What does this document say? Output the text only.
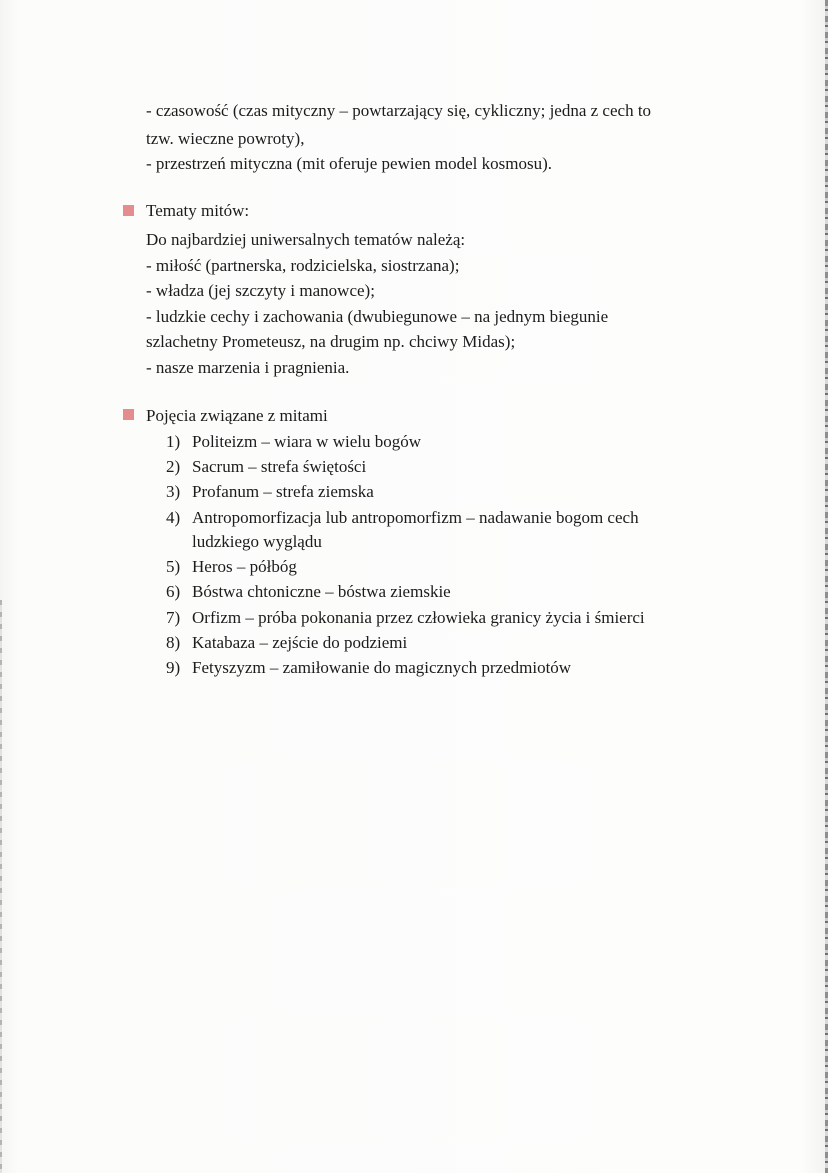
- czasowość (czas mityczny – powtarzający się, cykliczny; jedna z cech to
tzw. wieczne powroty),
- przestrzeń mityczna (mit oferuje pewien model kosmosu).
Tematy mitów:
Do najbardziej uniwersalnych tematów należą:
- miłość (partnerska, rodzicielska, siostrzana);
- władza (jej szczyty i manowce);
- ludzkie cechy i zachowania (dwubiegunowe – na jednym biegunie
szlachetny Prometeusz, na drugim np. chciwy Midas);
- nasze marzenia i pragnienia.
Pojęcia związane z mitami
1) Politeizm – wiara w wielu bogów
2) Sacrum – strefa świętości
3) Profanum – strefa ziemska
4) Antropomorfizacja lub antropomorfizm – nadawanie bogom cech
ludzkiego wyglądu
5) Heros – półbóg
6) Bóstwa chtoniczne – bóstwa ziemskie
7) Orfizm – próba pokonania przez człowieka granicy życia i śmierci
8) Katabaza – zejście do podziemi
9) Fetyszyzm – zamiłowanie do magicznych przedmiotów
